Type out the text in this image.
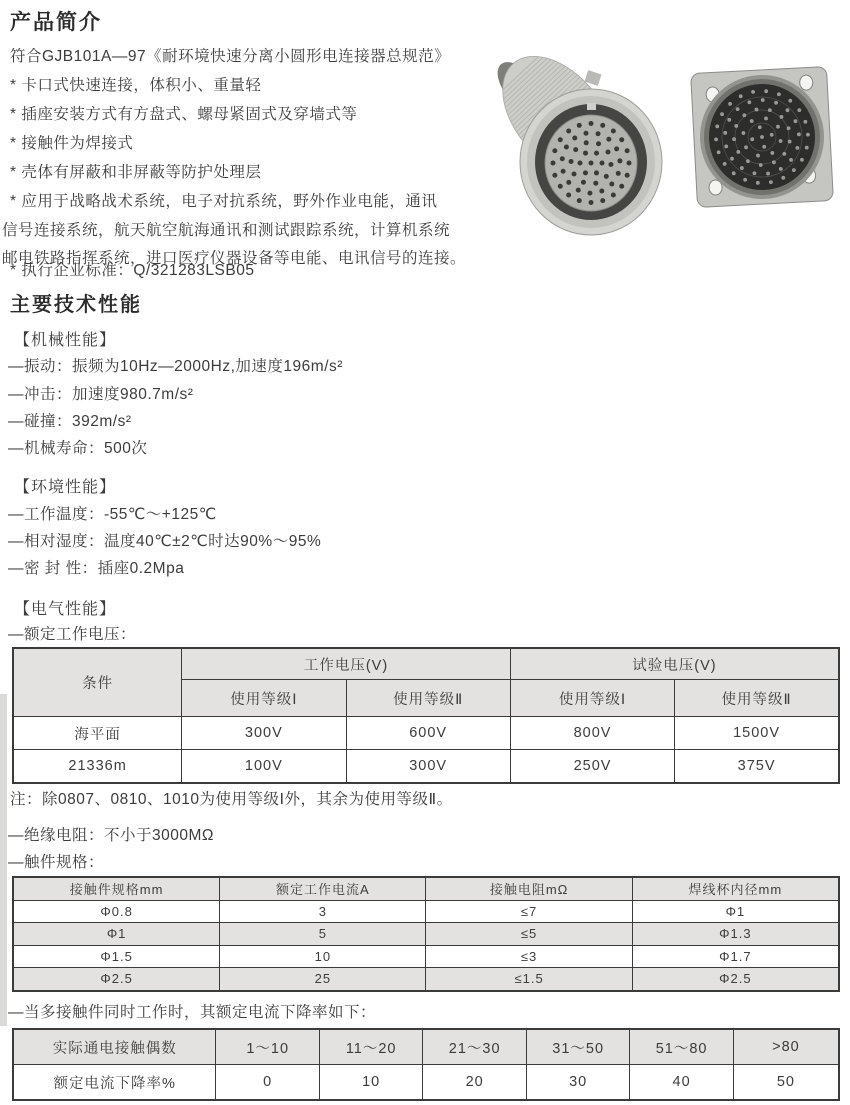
产品简介
符合GJB101A—97《耐环境快速分离小圆形电连接器总规范》
* 卡口式快速连接，体积小、重量轻
* 插座安装方式有方盘式、螺母紧固式及穿墙式等
* 接触件为焊接式
* 壳体有屏蔽和非屏蔽等防护处理层
* 应用于战略战术系统，电子对抗系统，野外作业电能，通讯
信号连接系统，航天航空航海通讯和测试跟踪系统，计算机系统
邮电铁路指挥系统，进口医疗仪器设备等电能、电讯信号的连接。
* 执行企业标准：Q/321283LSB05
主要技术性能
【机械性能】
—振动：振频为10Hz—2000Hz,加速度196m/s²
—冲击：加速度980.7m/s²
—碰撞：392m/s²
—机械寿命：500次
【环境性能】
—工作温度：-55℃～+125℃
—相对湿度：温度40℃±2℃时达90%～95%
—密 封 性：插座0.2Mpa
【电气性能】
—额定工作电压：
条件	工作电压(V)		试验电压(V)	
	使用等级Ⅰ	使用等级Ⅱ	使用等级Ⅰ	使用等级Ⅱ
海平面	300V	600V	800V	1500V
21336m	100V	300V	250V	375V
注：除0807、0810、1010为使用等级Ⅰ外，其余为使用等级Ⅱ。
—绝缘电阻：不小于3000MΩ
—触件规格：
接触件规格mm	额定工作电流A	接触电阻mΩ	焊线杯内径mm
Φ0.8	3	≤7	Φ1
Φ1	5	≤5	Φ1.3
Φ1.5	10	≤3	Φ1.7
Φ2.5	25	≤1.5	Φ2.5
—当多接触件同时工作时，其额定电流下降率如下：
实际通电接触偶数	1～10	11～20	21～30	31～50	51～80	>80
额定电流下降率%	0	10	20	30	40	50
